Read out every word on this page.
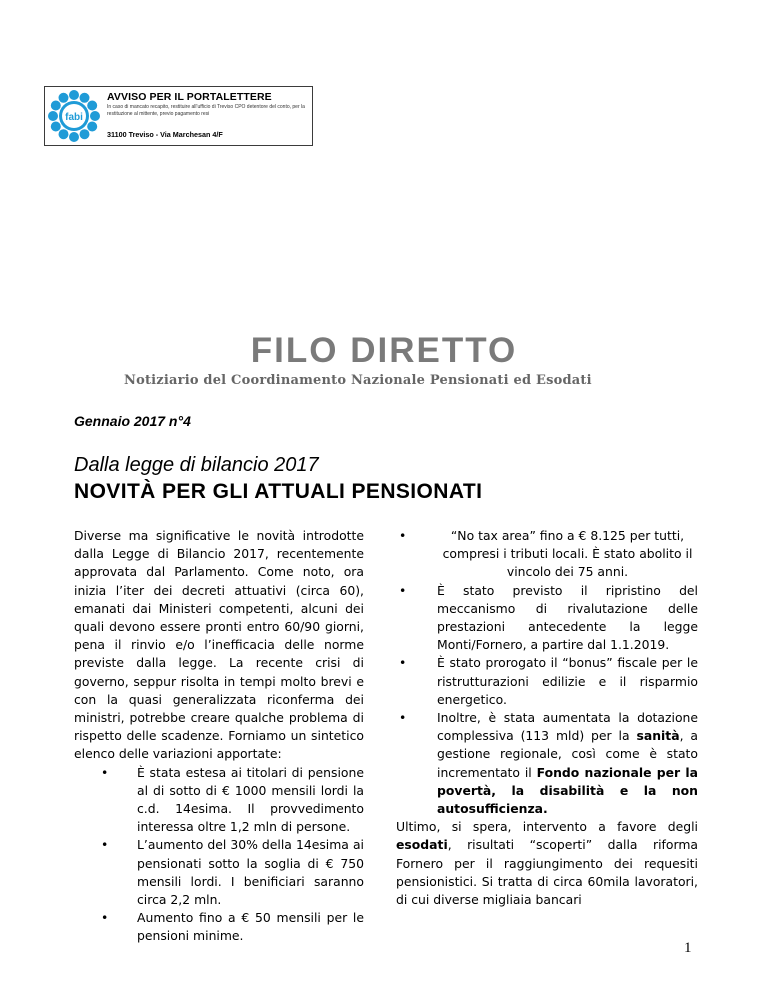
fabi
AVVISO PER IL PORTALETTERE
In caso di mancato recapito, restituire all'ufficio di Treviso CPO detentore del conto, per la restituzione al mittente, previo pagamento resi
31100 Treviso - Via Marchesan 4/F
FILO DIRETTO
Notiziario del Coordinamento Nazionale Pensionati ed Esodati
Gennaio 2017 n°4
Dalla legge di bilancio 2017
NOVITÀ PER GLI ATTUALI PENSIONATI
Diverse ma significative le novità introdotte dalla Legge di Bilancio 2017, recentemente approvata dal Parlamento. Come noto, ora inizia l’iter dei decreti attuativi (circa 60), emanati dai Ministeri competenti, alcuni dei quali devono essere pronti entro 60/90 giorni, pena il rinvio e/o l’inefficacia delle norme previste dalla legge. La recente crisi di governo, seppur risolta in tempi molto brevi e con la quasi generalizzata riconferma dei ministri, potrebbe creare qualche problema di rispetto delle scadenze. Forniamo un sintetico elenco delle variazioni apportate:
• È stata estesa ai titolari di pensione al di sotto di € 1000 mensili lordi la c.d. 14esima. Il provvedimento interessa oltre 1,2 mln di persone.
• L’aumento del 30% della 14esima ai pensionati sotto la soglia di € 750 mensili lordi. I benificiari saranno circa 2,2 mln.
• Aumento fino a € 50 mensili per le pensioni minime.
•	“No tax area” fino a € 8.125 per tutti, compresi i tributi locali. È stato abolito il vincolo dei 75 anni.
• È stato previsto il ripristino del meccanismo di rivalutazione delle prestazioni antecedente la legge Monti/Fornero, a partire dal 1.1.2019.
• È stato prorogato il “bonus” fiscale per le ristrutturazioni edilizie e il risparmio energetico.
• Inoltre, è stata aumentata la dotazione complessiva (113 mld) per la sanità, a gestione regionale, così come è stato incrementato il Fondo nazionale per la povertà, la disabilità e la non autosufficienza.
Ultimo, si spera, intervento a favore degli esodati, risultati “scoperti” dalla riforma Fornero per il raggiungimento dei requesiti pensionistici. Si tratta di circa 60mila lavoratori, di cui diverse migliaia bancari
1
